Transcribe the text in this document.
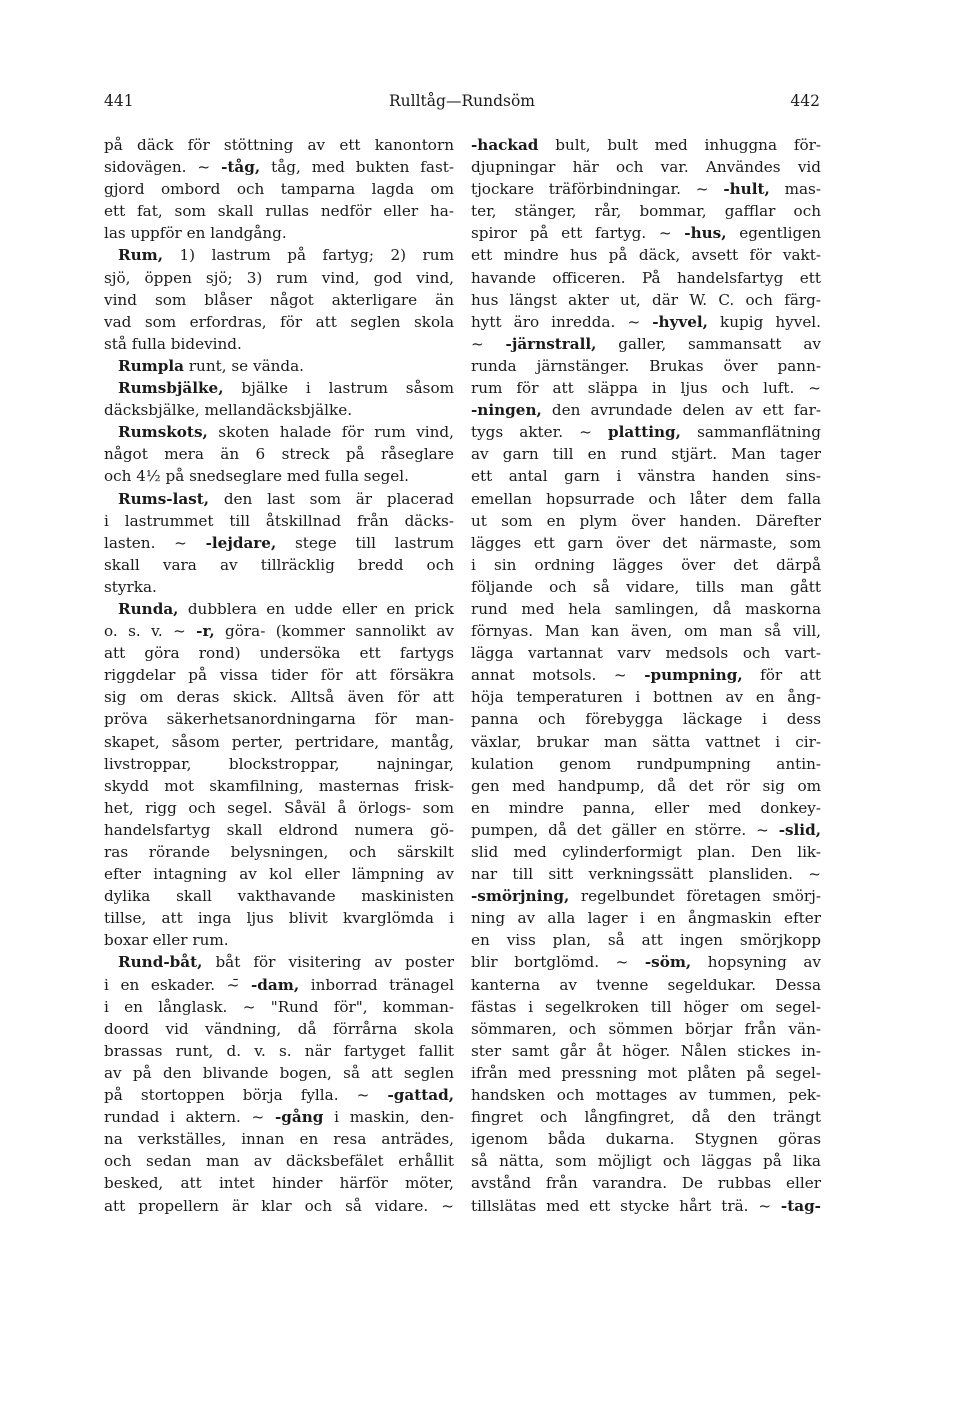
441	Rulltåg—Rundsöm	442
på däck för stöttning av ett kanontorn
sidovägen. ~ -tåg, tåg, med bukten fast-
gjord ombord och tamparna lagda om
ett fat, som skall rullas nedför eller ha-
las uppför en landgång.
Rum, 1) lastrum på fartyg; 2) rum
sjö, öppen sjö; 3) rum vind, god vind,
vind som blåser något akterligare än
vad som erfordras, för att seglen skola
stå fulla bidevind.
Rumpla runt, se vända.
Rumsbjälke, bjälke i lastrum såsom
däcksbjälke, mellandäcksbjälke.
Rumskots, skoten halade för rum vind,
något mera än 6 streck på råseglare
och 4½ på snedseglare med fulla segel.
Rums-last, den last som är placerad
i lastrummet till åtskillnad från däcks-
lasten. ~ -lejdare, stege till lastrum
skall vara av tillräcklig bredd och
styrka.
Runda, dubblera en udde eller en prick
o. s. v. ~ -r, göra- (kommer sannolikt av
att göra rond) undersöka ett fartygs
riggdelar på vissa tider för att försäkra
sig om deras skick. Alltså även för att
pröva säkerhetsanordningarna för man-
skapet, såsom perter, pertridare, mantåg,
livstroppar, blockstroppar, najningar,
skydd mot skamfilning, masternas frisk-
het, rigg och segel. Såväl å örlogs- som
handelsfartyg skall eldrond numera gö-
ras rörande belysningen, och särskilt
efter intagning av kol eller lämpning av
dylika skall vakthavande maskinisten
tillse, att inga ljus blivit kvarglömda i
boxar eller rum.
Rund-båt, båt för visitering av poster
i en eskader. ~̄ -dam, inborrad tränagel
i en långlask. ~ "Rund för", komman-
doord vid vändning, då förrårna skola
brassas runt, d. v. s. när fartyget fallit
av på den blivande bogen, så att seglen
på stortoppen börja fylla. ~ -gattad,
rundad i aktern. ~ -gång i maskin, den-
na verkställes, innan en resa anträdes,
och sedan man av däcksbefälet erhållit
besked, att intet hinder härför möter,
att propellern är klar och så vidare. ~
-hackad bult, bult med inhuggna för-
djupningar här och var. Användes vid
tjockare träförbindningar. ~ -hult, mas-
ter, stänger, rår, bommar, gafflar och
spiror på ett fartyg. ~ -hus, egentligen
ett mindre hus på däck, avsett för vakt-
havande officeren. På handelsfartyg ett
hus längst akter ut, där W. C. och färg-
hytt äro inredda. ~ -hyvel, kupig hyvel.
~ -järnstrall, galler, sammansatt av
runda järnstänger. Brukas över pann-
rum för att släppa in ljus och luft. ~
-ningen, den avrundade delen av ett far-
tygs akter. ~ platting, sammanflätning
av garn till en rund stjärt. Man tager
ett antal garn i vänstra handen sins-
emellan hopsurrade och låter dem falla
ut som en plym över handen. Därefter
lägges ett garn över det närmaste, som
i sin ordning lägges över det därpå
följande och så vidare, tills man gått
rund med hela samlingen, då maskorna
förnyas. Man kan även, om man så vill,
lägga vartannat varv medsols och vart-
annat motsols. ~ -pumpning, för att
höja temperaturen i bottnen av en ång-
panna och förebygga läckage i dess
växlar, brukar man sätta vattnet i cir-
kulation genom rundpumpning antin-
gen med handpump, då det rör sig om
en mindre panna, eller med donkey-
pumpen, då det gäller en större. ~ -slid,
slid med cylinderformigt plan. Den lik-
nar till sitt verkningssätt plansliden. ~
-smörjning, regelbundet företagen smörj-
ning av alla lager i en ångmaskin efter
en viss plan, så att ingen smörjkopp
blir bortglömd. ~ -söm, hopsyning av
kanterna av tvenne segeldukar. Dessa
fästas i segelkroken till höger om segel-
sömmaren, och sömmen börjar från vän-
ster samt går åt höger. Nålen stickes in-
ifrån med pressning mot plåten på segel-
handsken och mottages av tummen, pek-
fingret och långfingret, då den trängt
igenom båda dukarna. Stygnen göras
så nätta, som möjligt och läggas på lika
avstånd från varandra. De rubbas eller
tillslätas med ett stycke hårt trä. ~ -tag-
